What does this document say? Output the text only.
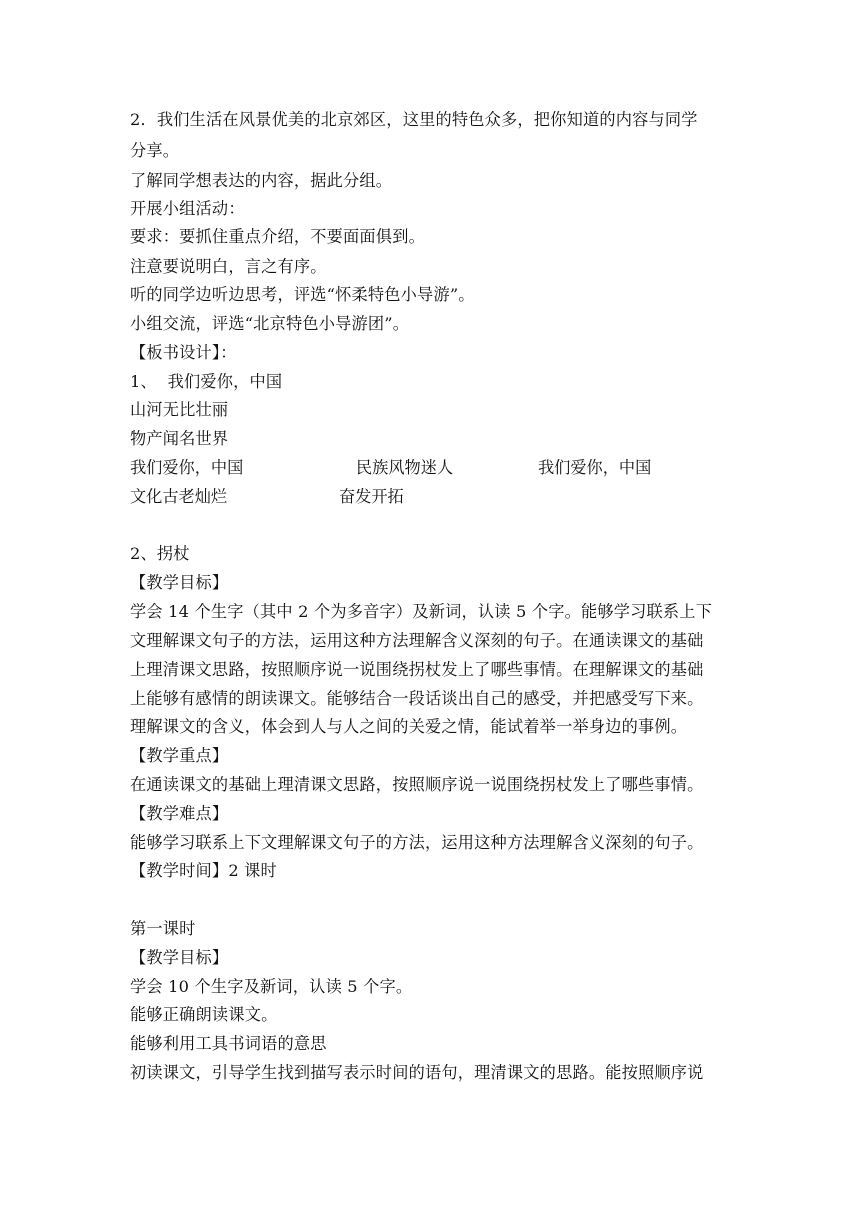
2．我们生活在风景优美的北京郊区，这里的特色众多，把你知道的内容与同学
分享。
了解同学想表达的内容，据此分组。
开展小组活动：
要求：要抓住重点介绍，不要面面俱到。
注意要说明白，言之有序。
听的同学边听边思考，评选“怀柔特色小导游”。
小组交流，评选“北京特色小导游团”。
【板书设计】：
1、  我们爱你，中国
山河无比壮丽
物产闻名世界
我们爱你，中国	民族风物迷人	我们爱你，中国
文化古老灿烂	奋发开拓
2、拐杖
【教学目标】
学会 14 个生字（其中 2 个为多音字）及新词，认读 5 个字。能够学习联系上下
文理解课文句子的方法，运用这种方法理解含义深刻的句子。在通读课文的基础
上理清课文思路，按照顺序说一说围绕拐杖发上了哪些事情。在理解课文的基础
上能够有感情的朗读课文。能够结合一段话谈出自己的感受，并把感受写下来。
理解课文的含义，体会到人与人之间的关爱之情，能试着举一举身边的事例。
【教学重点】
在通读课文的基础上理清课文思路，按照顺序说一说围绕拐杖发上了哪些事情。
【教学难点】
能够学习联系上下文理解课文句子的方法，运用这种方法理解含义深刻的句子。
【教学时间】2 课时
第一课时
【教学目标】
学会 10 个生字及新词，认读 5 个字。
能够正确朗读课文。
能够利用工具书词语的意思
初读课文，引导学生找到描写表示时间的语句，理清课文的思路。能按照顺序说
